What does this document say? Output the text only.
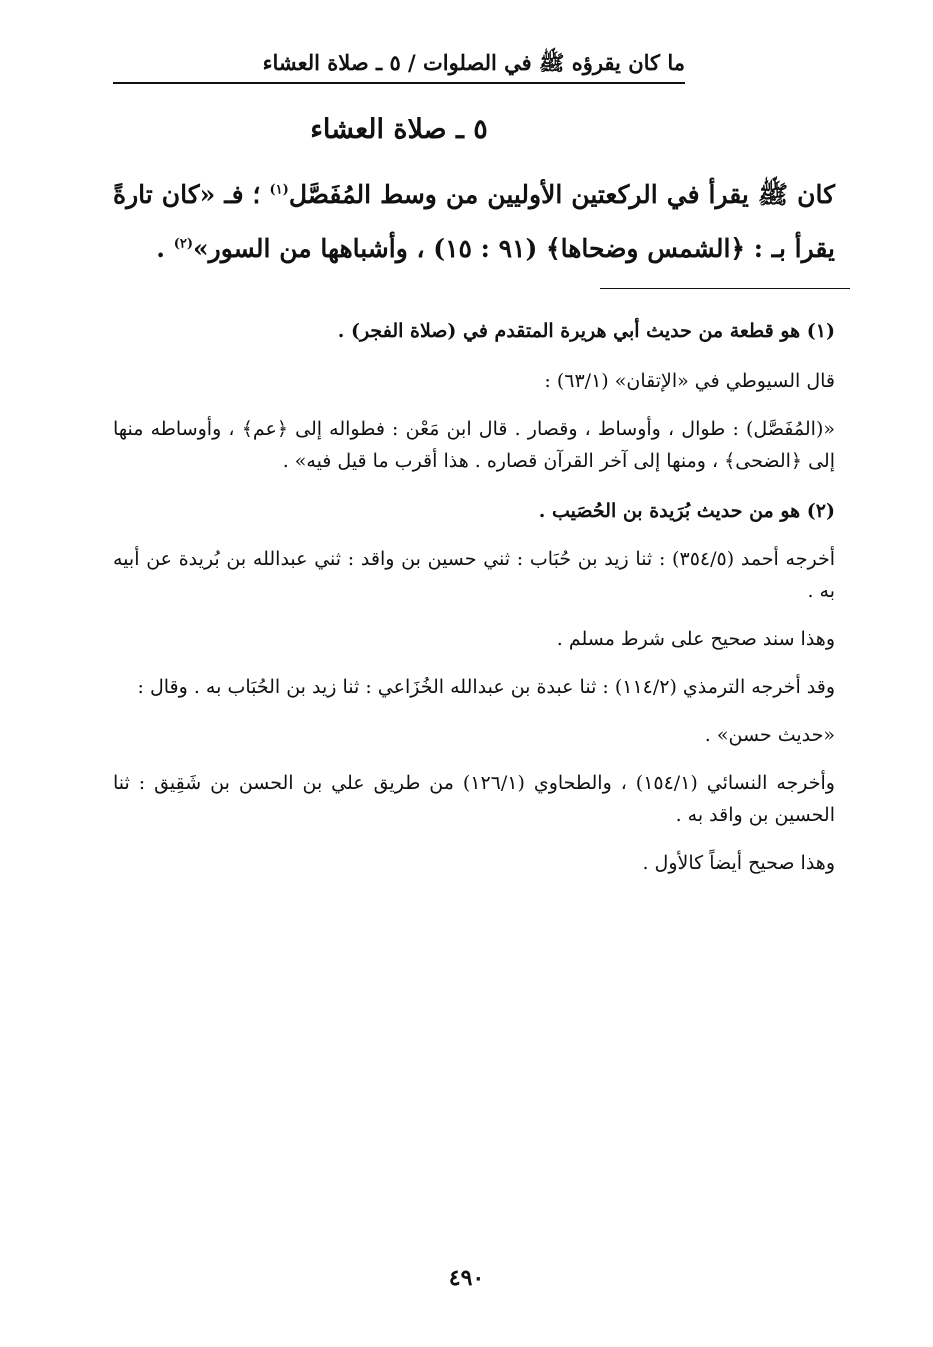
ما كان يقرؤه ﷺ في الصلوات / ٥ ـ صلاة العشاء
٥ ـ صلاة العشاء
كان ﷺ يقرأ في الركعتين الأوليين من وسط المُفَصَّل$^{(١)}$ ؛ فـ «كان تارةً يقرأ بـ : ﴿الشمس وضحاها﴾ (٩١ : ١٥) ، وأشباهها من السور»$^{(٢)}$ .

(١) هو قطعة من حديث أبي هريرة المتقدم في (صلاة الفجر) .

قال السيوطي في «الإتقان» (٦٣/١) :

«(المُفَصَّل) : طوال ، وأوساط ، وقصار . قال ابن مَعْن : فطواله إلى ﴿عم﴾ ، وأوساطه منها إلى ﴿الضحى﴾ ، ومنها إلى آخر القرآن قصاره . هذا أقرب ما قيل فيه» .

(٢) هو من حديث بُرَيدة بن الحُصَيب .

أخرجه أحمد (٣٥٤/٥) : ثنا زيد بن حُبَاب : ثني حسين بن واقد : ثني عبدالله بن بُريدة عن أبيه به .

وهذا سند صحيح على شرط مسلم .

وقد أخرجه الترمذي (١١٤/٢) : ثنا عبدة بن عبدالله الخُزَاعي : ثنا زيد بن الحُبَاب به . وقال :

«حديث حسن» .

وأخرجه النسائي (١٥٤/١) ، والطحاوي (١٢٦/١) من طريق علي بن الحسن بن شَقِيق : ثنا الحسين بن واقد به .

وهذا صحيح أيضاً كالأول .

٤٩٠
